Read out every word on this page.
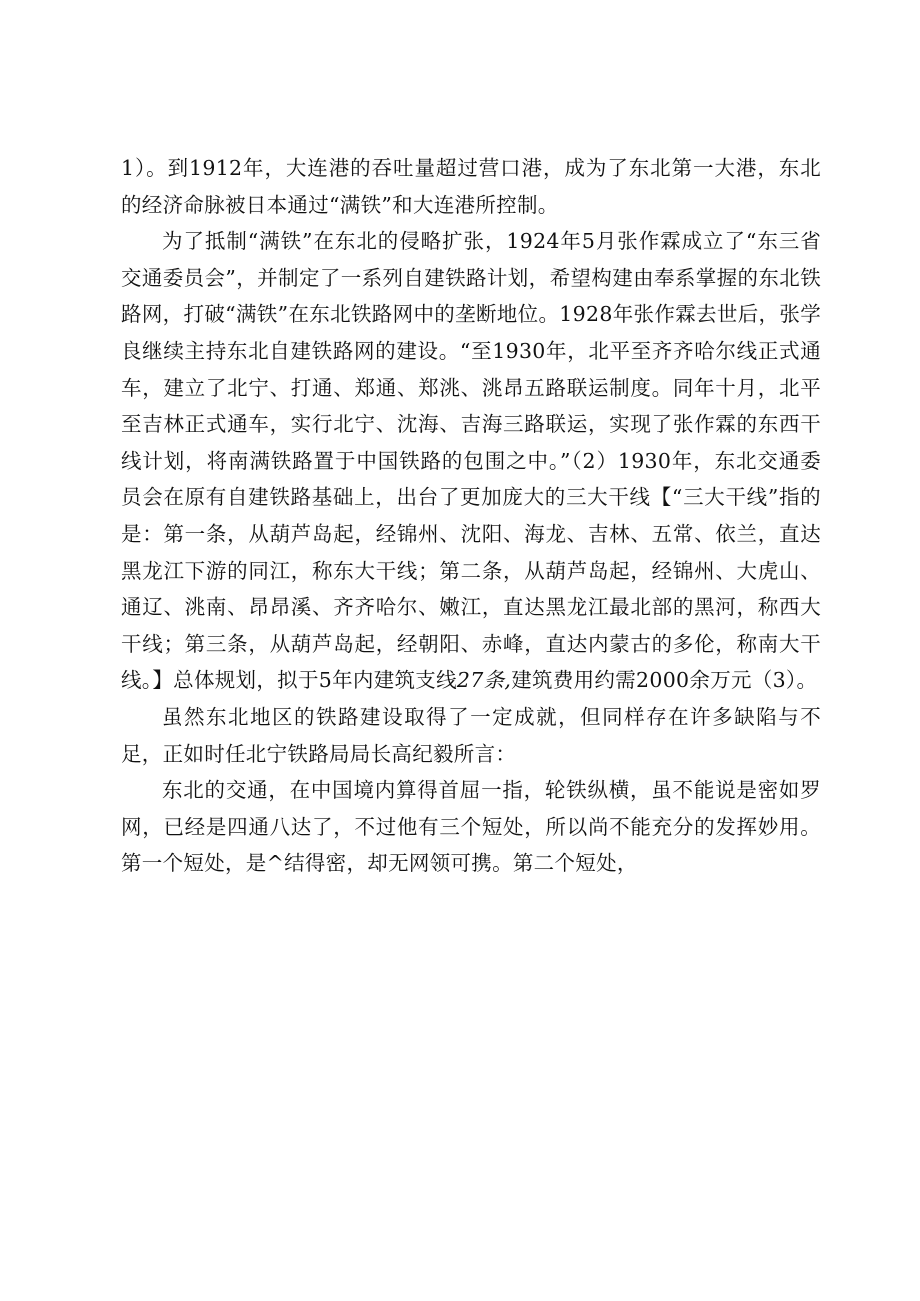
1）。到1912年，大连港的吞吐量超过营口港，成为了东北第一大港，东北的经济命脉被日本通过“满铁”和大连港所控制。

为了抵制“满铁”在东北的侵略扩张，1924年5月张作霖成立了“东三省交通委员会”，并制定了一系列自建铁路计划，希望构建由奉系掌握的东北铁路网，打破“满铁”在东北铁路网中的垄断地位。1928年张作霖去世后，张学良继续主持东北自建铁路网的建设。“至1930年，北平至齐齐哈尔线正式通车，建立了北宁、打通、郑通、郑洮、洮昂五路联运制度。同年十月，北平至吉林正式通车，实行北宁、沈海、吉海三路联运，实现了张作霖的东西干线计划，将南满铁路置于中国铁路的包围之中。”（2）1930年，东北交通委员会在原有自建铁路基础上，出台了更加庞大的三大干线【“三大干线”指的是：第一条，从葫芦岛起，经锦州、沈阳、海龙、吉林、五常、依兰，直达黑龙江下游的同江，称东大干线；第二条，从葫芦岛起，经锦州、大虎山、通辽、洮南、昂昂溪、齐齐哈尔、嫩江，直达黑龙江最北部的黑河，称西大干线；第三条，从葫芦岛起，经朝阳、赤峰，直达内蒙古的多伦，称南大干线。】总体规划，拟于5年内建筑支线27条,建筑费用约需2000余万元（3）。

虽然东北地区的铁路建设取得了一定成就，但同样存在许多缺陷与不足，正如时任北宁铁路局局长高纪毅所言：

东北的交通，在中国境内算得首屈一指，轮铁纵横，虽不能说是密如罗网，已经是四通八达了，不过他有三个短处，所以尚不能充分的发挥妙用。第一个短处，是^结得密，却无网领可携。第二个短处，
